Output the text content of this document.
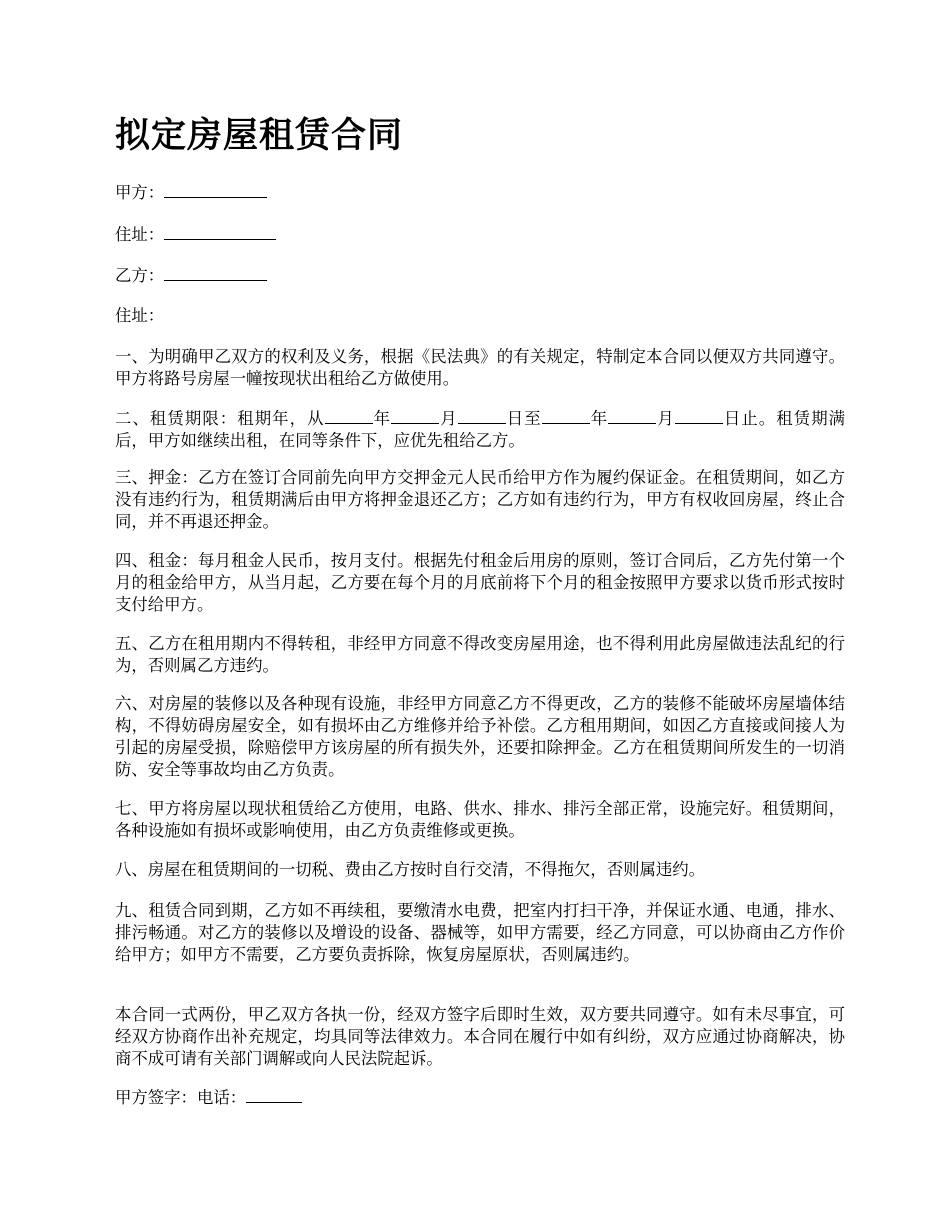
拟定房屋租赁合同

甲方：

住址：

乙方：

住址：

一、为明确甲乙双方的权利及义务，根据《民法典》的有关规定，特制定本合同以便双方共同遵守。甲方将路号房屋一幢按现状出租给乙方做使用。

二、租赁期限：租期年，从	年	月	日至	年	月	日止。租赁期满后，甲方如继续出租，在同等条件下，应优先租给乙方。

三、押金：乙方在签订合同前先向甲方交押金元人民币给甲方作为履约保证金。在租赁期间，如乙方没有违约行为，租赁期满后由甲方将押金退还乙方；乙方如有违约行为，甲方有权收回房屋，终止合同，并不再退还押金。

四、租金：每月租金人民币，按月支付。根据先付租金后用房的原则，签订合同后，乙方先付第一个月的租金给甲方，从当月起，乙方要在每个月的月底前将下个月的租金按照甲方要求以货币形式按时支付给甲方。

五、乙方在租用期内不得转租，非经甲方同意不得改变房屋用途，也不得利用此房屋做违法乱纪的行为，否则属乙方违约。

六、对房屋的装修以及各种现有设施，非经甲方同意乙方不得更改，乙方的装修不能破坏房屋墙体结构，不得妨碍房屋安全，如有损坏由乙方维修并给予补偿。乙方租用期间，如因乙方直接或间接人为引起的房屋受损，除赔偿甲方该房屋的所有损失外，还要扣除押金。乙方在租赁期间所发生的一切消防、安全等事故均由乙方负责。

七、甲方将房屋以现状租赁给乙方使用，电路、供水、排水、排污全部正常，设施完好。租赁期间，各种设施如有损坏或影响使用，由乙方负责维修或更换。

八、房屋在租赁期间的一切税、费由乙方按时自行交清，不得拖欠，否则属违约。

九、租赁合同到期，乙方如不再续租，要缴清水电费，把室内打扫干净，并保证水通、电通，排水、排污畅通。对乙方的装修以及增设的设备、器械等，如甲方需要，经乙方同意，可以协商由乙方作价给甲方；如甲方不需要，乙方要负责拆除，恢复房屋原状，否则属违约。

本合同一式两份，甲乙双方各执一份，经双方签字后即时生效，双方要共同遵守。如有未尽事宜，可经双方协商作出补充规定，均具同等法律效力。本合同在履行中如有纠纷，双方应通过协商解决，协商不成可请有关部门调解或向人民法院起诉。

甲方签字：电话：
